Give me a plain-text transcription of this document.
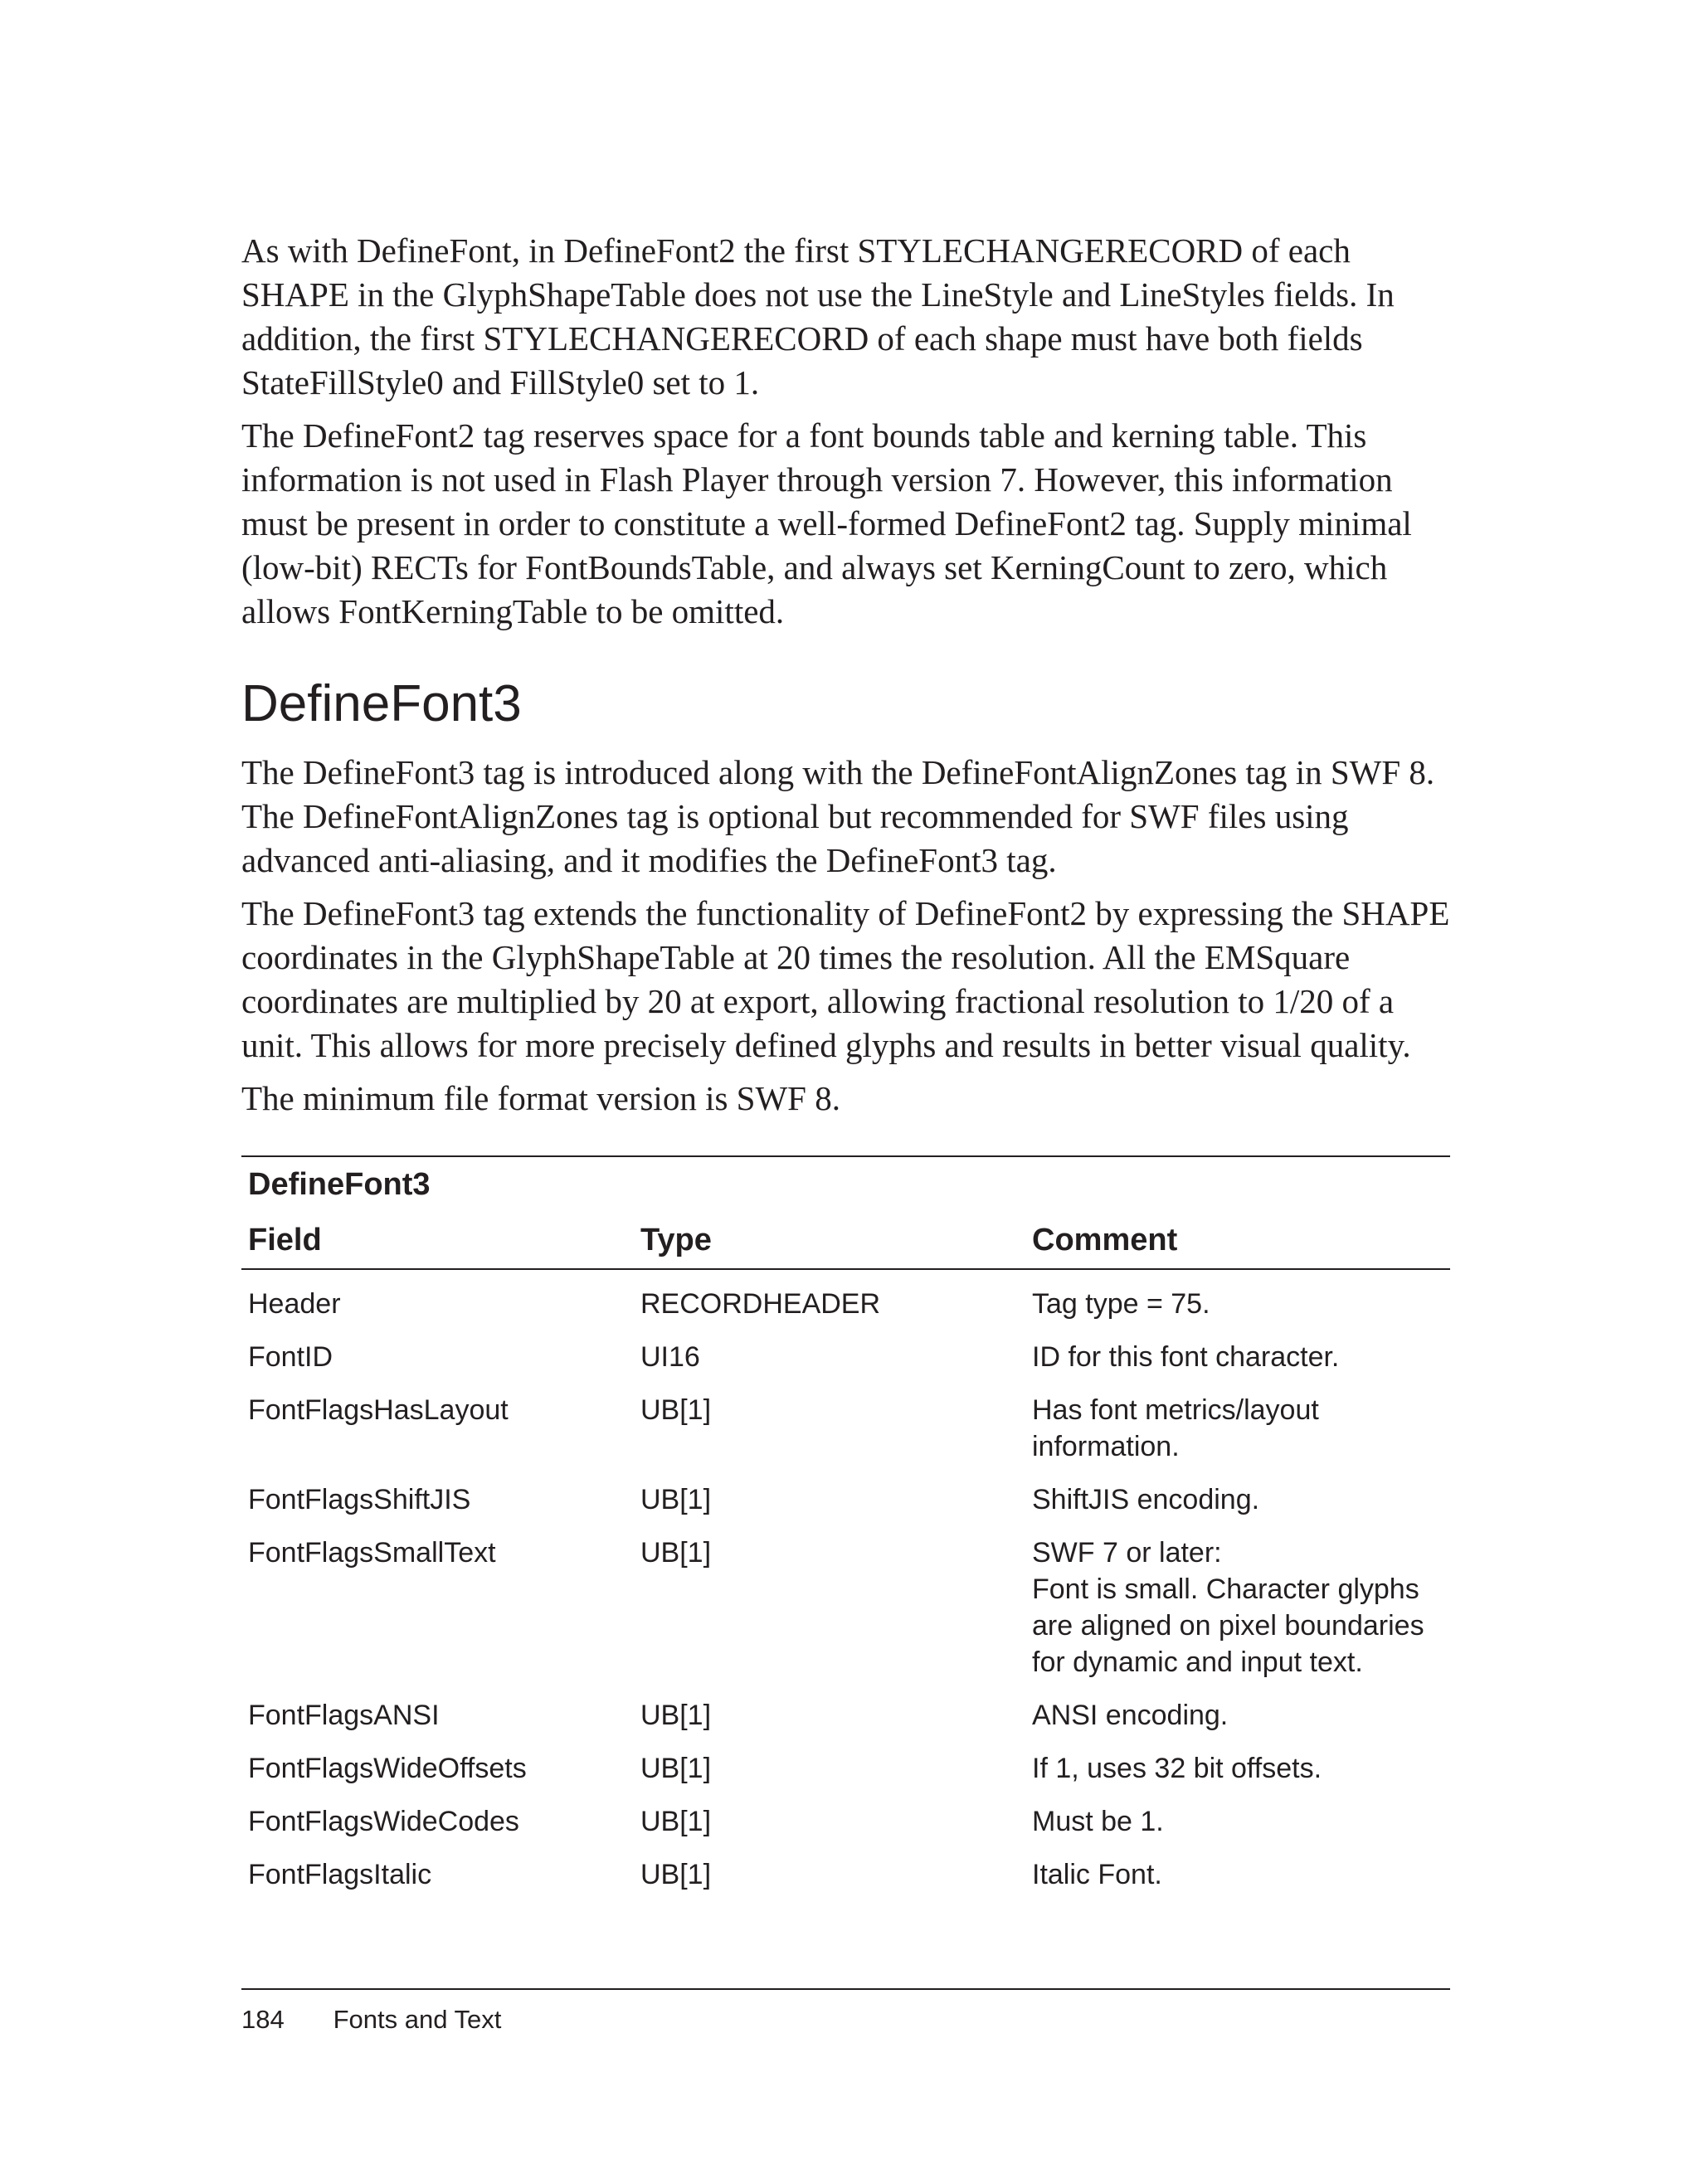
As with DefineFont, in DefineFont2 the first STYLECHANGERECORD of each SHAPE in the GlyphShapeTable does not use the LineStyle and LineStyles fields. In addition, the first STYLECHANGERECORD of each shape must have both fields StateFillStyle0 and FillStyle0 set to 1.

The DefineFont2 tag reserves space for a font bounds table and kerning table. This information is not used in Flash Player through version 7. However, this information must be present in order to constitute a well-formed DefineFont2 tag. Supply minimal (low-bit) RECTs for FontBoundsTable, and always set KerningCount to zero, which allows FontKerningTable to be omitted.

DefineFont3

The DefineFont3 tag is introduced along with the DefineFontAlignZones tag in SWF 8. The DefineFontAlignZones tag is optional but recommended for SWF files using advanced anti-aliasing, and it modifies the DefineFont3 tag.

The DefineFont3 tag extends the functionality of DefineFont2 by expressing the SHAPE coordinates in the GlyphShapeTable at 20 times the resolution. All the EMSquare coordinates are multiplied by 20 at export, allowing fractional resolution to 1/20 of a unit. This allows for more precisely defined glyphs and results in better visual quality.

The minimum file format version is SWF 8.

DefineFont3
Field	Type	Comment
Header	RECORDHEADER	Tag type = 75.
FontID	UI16	ID for this font character.
FontFlagsHasLayout	UB[1]	Has font metrics/layout
information.
FontFlagsShiftJIS	UB[1]	ShiftJIS encoding.
FontFlagsSmallText	UB[1]	SWF 7 or later:
Font is small. Character glyphs
are aligned on pixel boundaries
for dynamic and input text.
FontFlagsANSI	UB[1]	ANSI encoding.
FontFlagsWideOffsets	UB[1]	If 1, uses 32 bit offsets.
FontFlagsWideCodes	UB[1]	Must be 1.
FontFlagsItalic	UB[1]	Italic Font.
184 Fonts and Text
